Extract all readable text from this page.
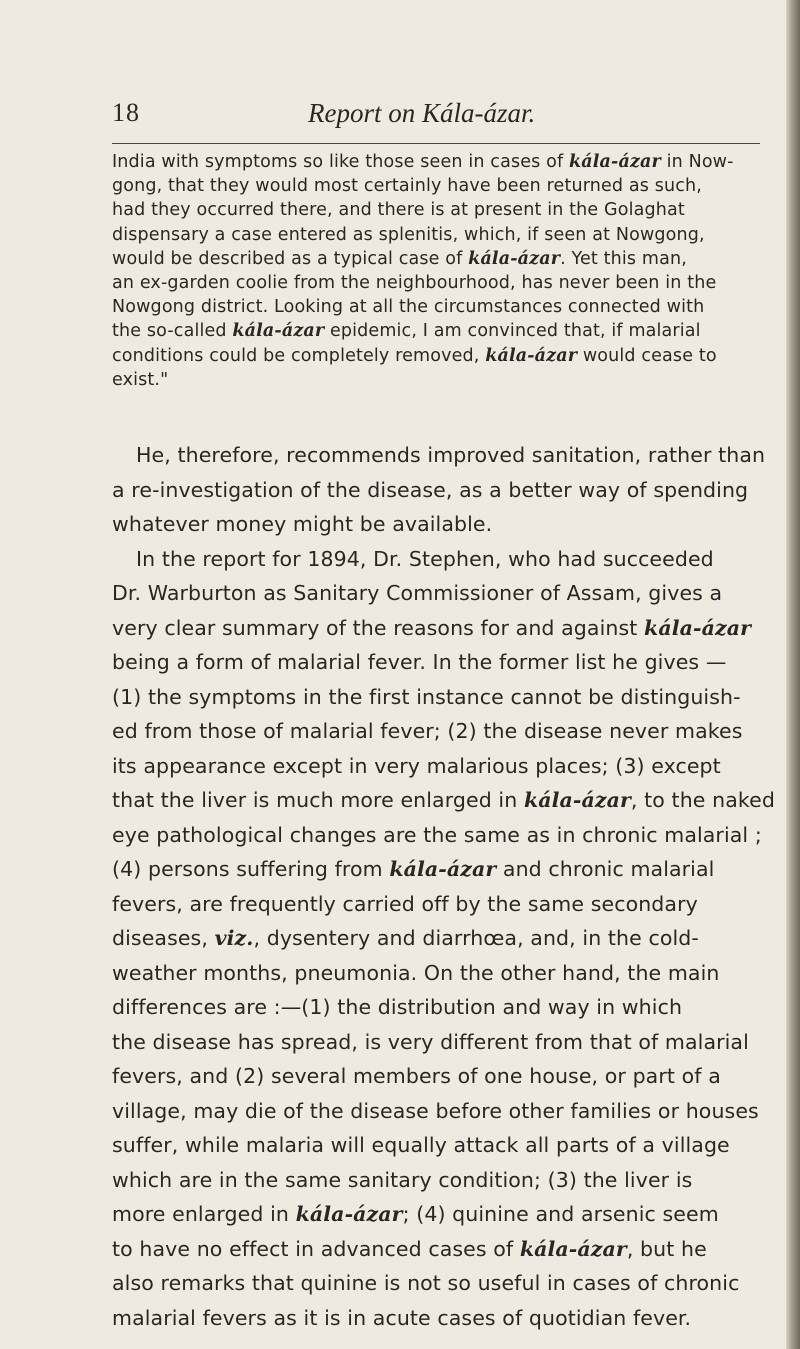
18	Report on Kála-ázar.
India with symptoms so like those seen in cases of kála-ázar in Now-
gong, that they would most certainly have been returned as such,
had they occurred there, and there is at present in the Golaghat
dispensary a case entered as splenitis, which, if seen at Nowgong,
would be described as a typical case of kála-ázar. Yet this man,
an ex-garden coolie from the neighbourhood, has never been in the
Nowgong district. Looking at all the circumstances connected with
the so-called kála-ázar epidemic, I am convinced that, if malarial
conditions could be completely removed, kála-ázar would cease to
exist."

He, therefore, recommends improved sanitation, rather than
a re-investigation of the disease, as a better way of spending
whatever money might be available.

In the report for 1894, Dr. Stephen, who had succeeded
Dr. Warburton as Sanitary Commissioner of Assam, gives a
very clear summary of the reasons for and against kála-ázar
being a form of malarial fever. In the former list he gives —
(1) the symptoms in the first instance cannot be distinguish-
ed from those of malarial fever; (2) the disease never makes
its appearance except in very malarious places; (3) except
that the liver is much more enlarged in kála-ázar, to the naked
eye pathological changes are the same as in chronic malarial ;
(4) persons suffering from kála-ázar and chronic malarial
fevers, are frequently carried off by the same secondary
diseases, viz., dysentery and diarrhœa, and, in the cold-
weather months, pneumonia. On the other hand, the main
differences are :—(1) the distribution and way in which
the disease has spread, is very different from that of malarial
fevers, and (2) several members of one house, or part of a
village, may die of the disease before other families or houses
suffer, while malaria will equally attack all parts of a village
which are in the same sanitary condition; (3) the liver is
more enlarged in kála-ázar; (4) quinine and arsenic seem
to have no effect in advanced cases of kála-ázar, but he
also remarks that quinine is not so useful in cases of chronic
malarial fevers as it is in acute cases of quotidian fever.
